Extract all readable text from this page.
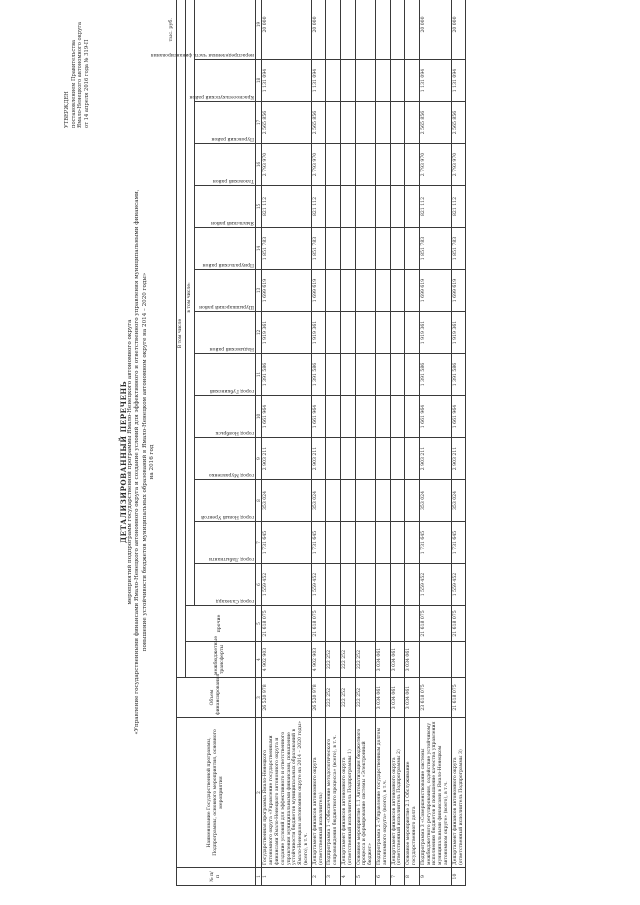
УТВЕРЖДЕН постановлением Правительства Ямало-Ненецкого автономного округа от 14 апреля 2016 года № 319-П
ДЕТАЛИЗИРОВАННЫЙ ПЕРЕЧЕНЬ мероприятий подпрограмм государственной программы Ямало-Ненецкого автономного округа «Управление государственными финансами Ямало-Ненецкого автономного округа и создание условий для эффективного и ответственного управления муниципальными финансами, повышение устойчивости бюджетов муниципальных образований в Ямало-Ненецком автономном округе на 2014 – 2020 годы» на 2016 год
тыс. руб.
№ п/п	Наименование Государственной программы, Подпрограммы, основного мероприятия, основного мероприятия	Объем финансирования	В том числе																
			межбюджетные трансферты	прочие	в том числе:														

					город Салехард	город Лабытнанги	город Новый Уренгой	город Муравленко	город Ноябрьск	город Губкинский	Надымский район	Шурышкарский район	Приуральский район	Ямальский район	Тазовский район	Пуровский район	Красноселькупский район	нераспределенная часть финансирования	

1	2	3	4	5	6	7	8	9	10	11	12	13	14	15	16	17	18	19	
1	Государственная программа Ямало-Ненецкого автономного округа «Управление государственными финансами Ямало-Ненецкого автономного округа и создание условий для эффективного и ответственного управления муниципальными финансами, повышение устойчивости бюджетов муниципальных образований в Ямало-Ненецком автономном округе на 2014 – 2020 годы» (всего), в т.ч.	26 520 978	4 902 903	21 618 075	1 559 452	1 731 645	353 024	2 903 211	1 661 964	1 391 586	1 919 361	1 699 619	1 851 783	821 112	2 793 970	2 565 856	1 131 094	20 000	
2	Департамент финансов автономного округа (ответственный исполнитель)	26 520 978	4 902 903	21 618 075	1 559 452	1 731 645	353 024	2 903 211	1 661 964	1 391 586	1 919 361	1 699 619	1 851 783	821 112	2 793 970	2 565 856	1 131 094	20 000	
3	Подпрограмма 1 «Обеспечение методологического сопровождения бюджетного процесса» (всего), в т.ч.	222 252	222 252																
4	Департамент финансов автономного округа (ответственный исполнитель Подпрограммы 1)	222 252	222 252																
5	Основное мероприятие 1.1 Автоматизация бюджетного процесса и формирование системы «Электронный бюджет»	222 252	222 252																
6	Подпрограмма 2 «Управление государственным долгом автономного округа» (всего), в т.ч.	3 034 061	3 034 061																
7	Департамент финансов автономного округа (ответственный исполнитель Подпрограммы 2)	3 034 061	3 034 061																
8	Основное мероприятие 2.1 Обслуживание государственного долга	3 034 061	3 034 061																
9	Подпрограмма 3 «Совершенствование системы межбюджетного регулирования, содействие устойчивому исполнению бюджетов и повышение качества управления муниципальными финансами в Ямало-Ненецком автономном округе» (всего), в т.ч.	23 618 075		21 618 075	1 559 452	1 731 645	353 024	2 903 211	1 661 964	1 391 586	1 919 361	1 699 619	1 851 783	821 112	2 793 970	2 565 856	1 131 094	20 000	
10	Департамент финансов автономного округа (ответственный исполнитель Подпрограммы 3)	21 618 075		21 618 075	1 559 452	1 731 645	353 024	2 903 211	1 661 964	1 391 586	1 919 361	1 699 619	1 851 783	821 112	2 793 970	2 565 856	1 131 094	20 000	
